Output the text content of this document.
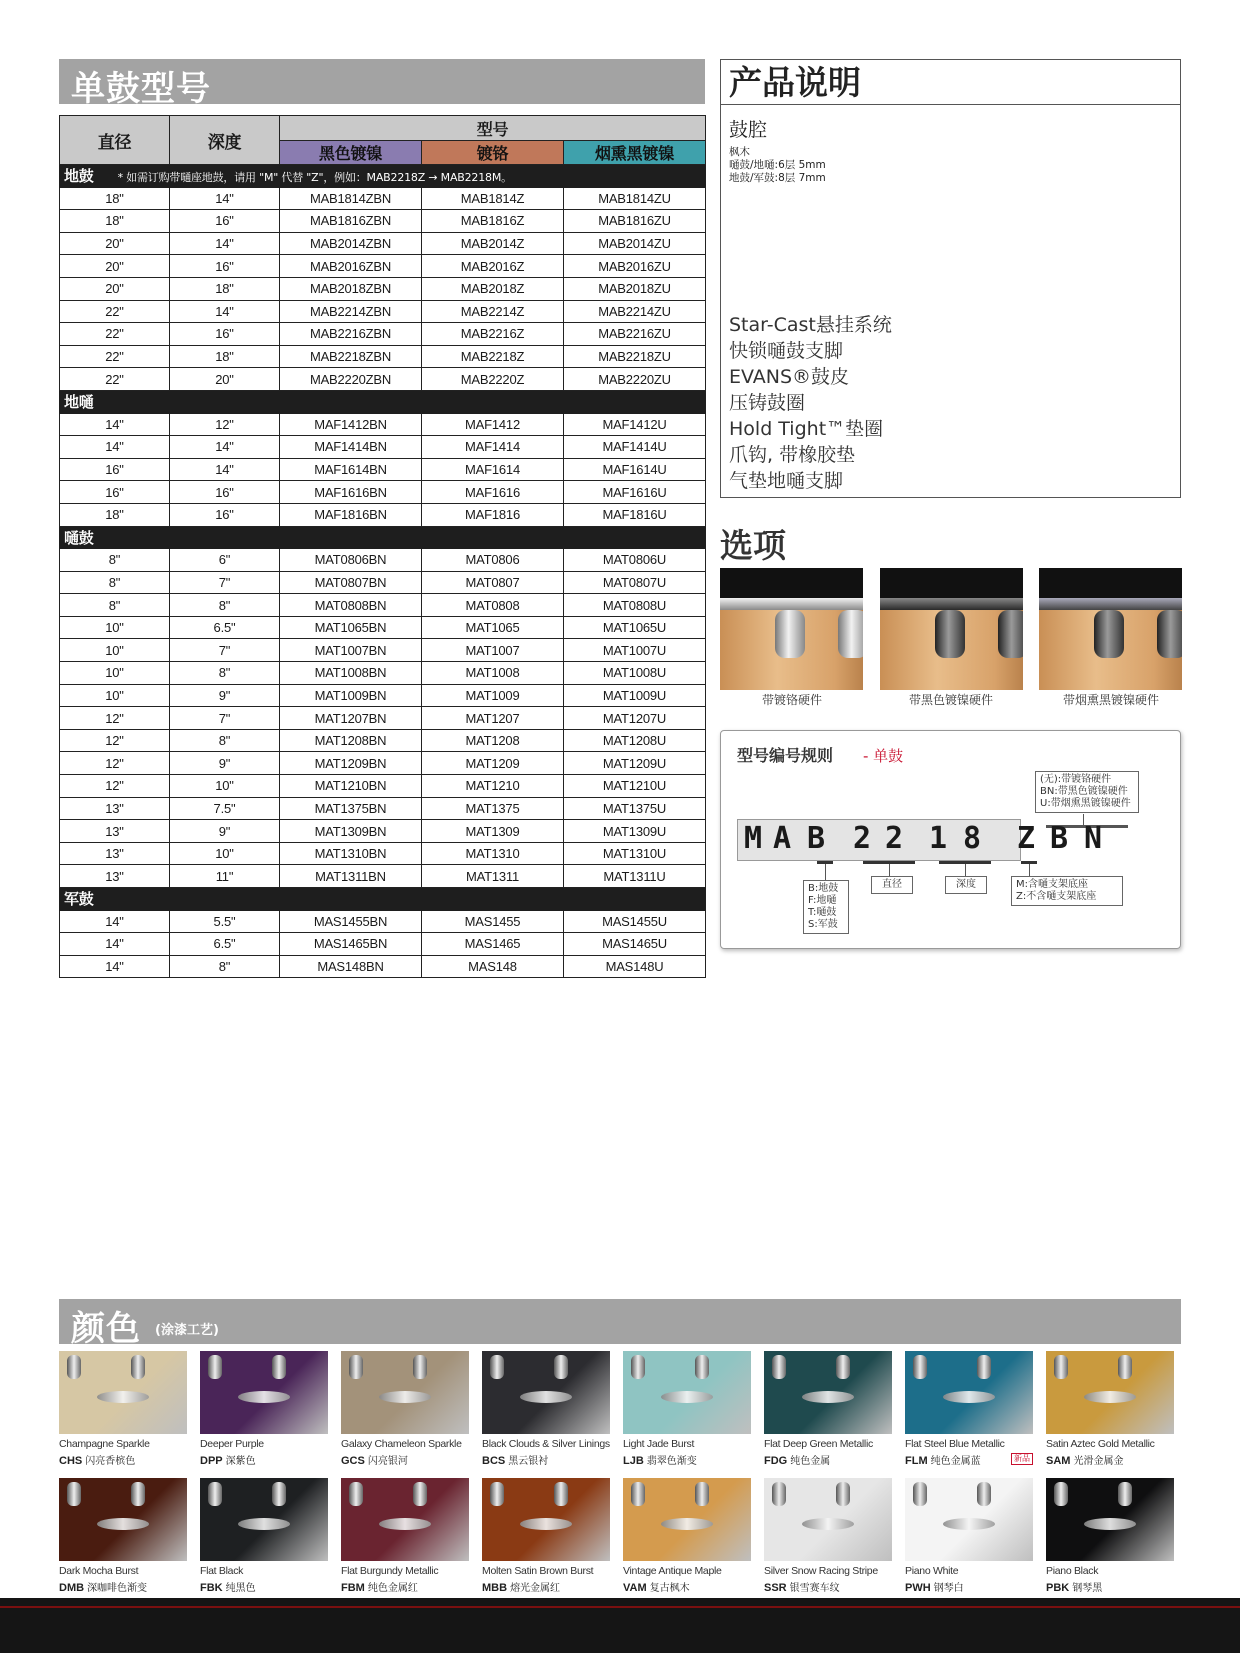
单鼓型号
直径	深度	型号		
		黑色镀镍	镀铬	烟熏黑镀镍
地鼓 * 如需订购带嗵座地鼓，请用 "M" 代替 "Z"，例如：MAB2218Z → MAB2218M。				
18"	14"	MAB1814ZBN	MAB1814Z	MAB1814ZU
18"	16"	MAB1816ZBN	MAB1816Z	MAB1816ZU
20"	14"	MAB2014ZBN	MAB2014Z	MAB2014ZU
20"	16"	MAB2016ZBN	MAB2016Z	MAB2016ZU
20"	18"	MAB2018ZBN	MAB2018Z	MAB2018ZU
22"	14"	MAB2214ZBN	MAB2214Z	MAB2214ZU
22"	16"	MAB2216ZBN	MAB2216Z	MAB2216ZU
22"	18"	MAB2218ZBN	MAB2218Z	MAB2218ZU
22"	20"	MAB2220ZBN	MAB2220Z	MAB2220ZU
地嗵				
14"	12"	MAF1412BN	MAF1412	MAF1412U
14"	14"	MAF1414BN	MAF1414	MAF1414U
16"	14"	MAF1614BN	MAF1614	MAF1614U
16"	16"	MAF1616BN	MAF1616	MAF1616U
18"	16"	MAF1816BN	MAF1816	MAF1816U
嗵鼓				
8"	6"	MAT0806BN	MAT0806	MAT0806U
8"	7"	MAT0807BN	MAT0807	MAT0807U
8"	8"	MAT0808BN	MAT0808	MAT0808U
10"	6.5"	MAT1065BN	MAT1065	MAT1065U
10"	7"	MAT1007BN	MAT1007	MAT1007U
10"	8"	MAT1008BN	MAT1008	MAT1008U
10"	9"	MAT1009BN	MAT1009	MAT1009U
12"	7"	MAT1207BN	MAT1207	MAT1207U
12"	8"	MAT1208BN	MAT1208	MAT1208U
12"	9"	MAT1209BN	MAT1209	MAT1209U
12"	10"	MAT1210BN	MAT1210	MAT1210U
13"	7.5"	MAT1375BN	MAT1375	MAT1375U
13"	9"	MAT1309BN	MAT1309	MAT1309U
13"	10"	MAT1310BN	MAT1310	MAT1310U
13"	11"	MAT1311BN	MAT1311	MAT1311U
军鼓				
14"	5.5"	MAS1455BN	MAS1455	MAS1455U
14"	6.5"	MAS1465BN	MAS1465	MAS1465U
14"	8"	MAS148BN	MAS148	MAS148U
产品说明
鼓腔
枫木
嗵鼓/地嗵:6层 5mm
地鼓/军鼓:8层 7mm
Star-Cast悬挂系统
快锁嗵鼓支脚
EVANS®鼓皮
压铸鼓圈
Hold Tight™垫圈
爪钩, 带橡胶垫
气垫地嗵支脚
选项
带镀铬硬件	带黑色镀镍硬件	带烟熏黑镀镍硬件
型号编号规则 - 单鼓
(无):带镀铬硬件
BN:带黑色镀镍硬件
U:带烟熏黑镀镍硬件
M A B 2 2 1 8 Z B N
B:地鼓
F:地嗵
T:嗵鼓
S:军鼓
直径	深度	M:含嗵支架底座
Z:不含嗵支架底座
颜色 (涂漆工艺)
Champagne Sparkle
CHS 闪亮香槟色
Deeper Purple
DPP 深紫色
Galaxy Chameleon Sparkle
GCS 闪亮银河
Black Clouds & Silver Linings
BCS 黑云银衬
Light Jade Burst
LJB 翡翠色渐变
Flat Deep Green Metallic
FDG 纯色金属
Flat Steel Blue Metallic
FLM 纯色金属蓝	新品
Satin Aztec Gold Metallic
SAM 光滑金属金
Dark Mocha Burst
DMB 深咖啡色渐变
Flat Black
FBK 纯黑色
Flat Burgundy Metallic
FBM 纯色金属红
Molten Satin Brown Burst
MBB 熔光金属红
Vintage Antique Maple
VAM 复古枫木
Silver Snow Racing Stripe
SSR 银雪赛车纹
Piano White
PWH 钢琴白
Piano Black
PBK 钢琴黑
